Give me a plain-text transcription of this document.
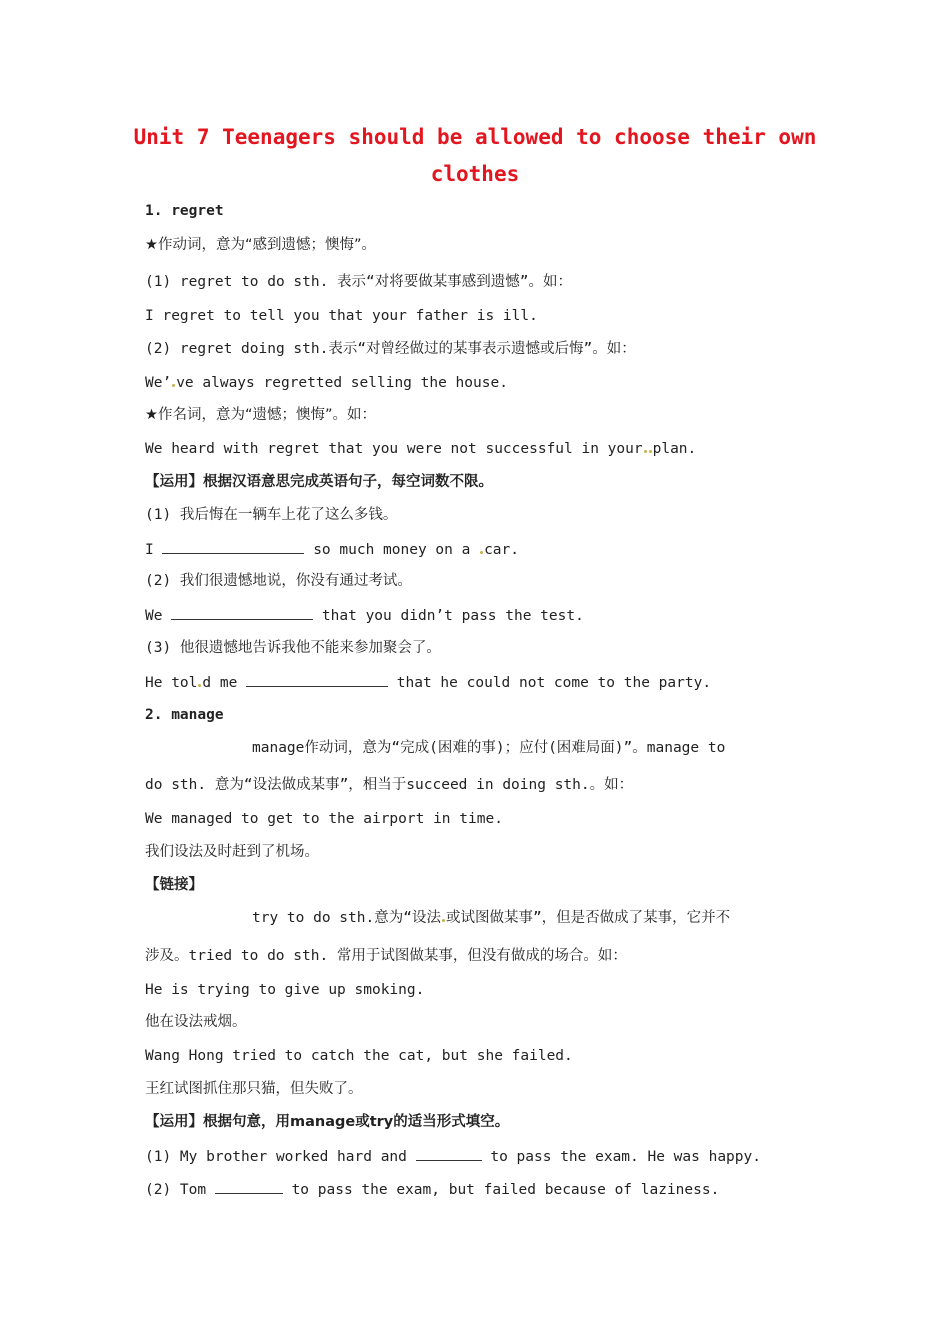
Unit 7 Teenagers should be allowed to choose their own
clothes
1. regret
★作动词，意为“感到遗憾；懊悔”。
(1) regret to do sth. 表示“对将要做某事感到遗憾”。如：
I regret to tell you that your father is ill.
(2) regret doing sth.表示“对曾经做过的某事表示遗憾或后悔”。如：
We’ ve always regretted selling the house.
★作名词，意为“遗憾；懊悔”。如：
We heard with regret that you were not successful in your plan.
【运用】根据汉语意思完成英语句子，每空词数不限。
(1) 我后悔在一辆车上花了这么多钱。
I	so much money on a car.
(2) 我们很遗憾地说，你没有通过考试。
We	that you didn’t pass the test.
(3) 他很遗憾地告诉我他不能来参加聚会了。
He tol d me	that he could not come to the party.
2. manage
manage作动词，意为“完成(困难的事)；应付(困难局面)”。manage to
do sth. 意为“设法做成某事”，相当于succeed in doing sth.。如：
We managed to get to the airport in time.
我们设法及时赶到了机场。
【链接】
try to do sth.意为“设法 或试图做某事”，但是否做成了某事，它并不
涉及。tried to do sth. 常用于试图做某事，但没有做成的场合。如：
He is trying to give up smoking.
他在设法戒烟。
Wang Hong tried to catch the cat, but she failed.
王红试图抓住那只猫，但失败了。
【运用】根据句意，用manage或try的适当形式填空。
(1) My brother worked hard and	to pass the exam. He was happy.
(2) Tom	to pass the exam, but failed because of laziness.
